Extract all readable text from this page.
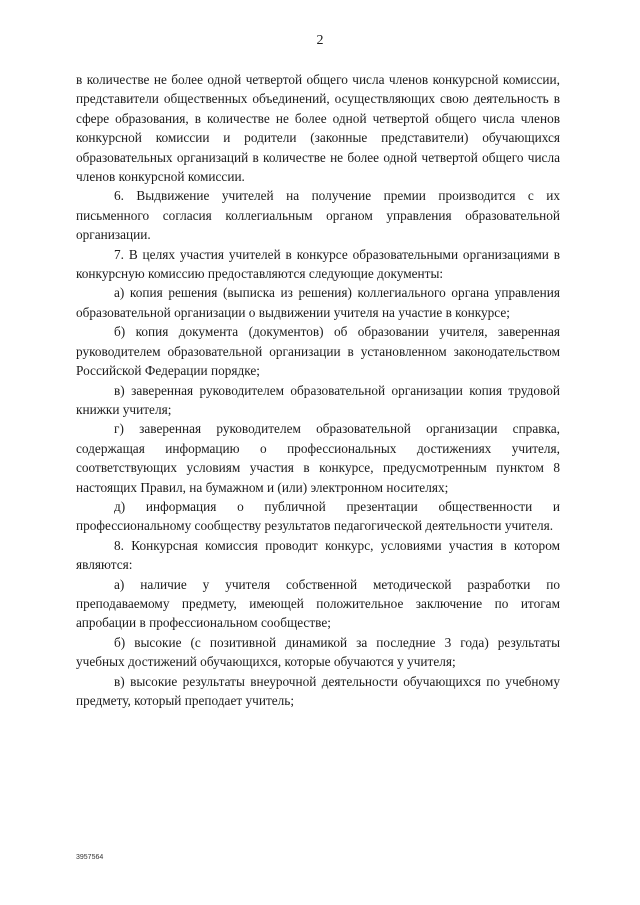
2

в количестве не более одной четвертой общего числа членов конкурсной комиссии, представители общественных объединений, осуществляющих свою деятельность в сфере образования, в количестве не более одной четвертой общего числа членов конкурсной комиссии и родители (законные представители) обучающихся образовательных организаций в количестве не более одной четвертой общего числа членов конкурсной комиссии.

6. Выдвижение учителей на получение премии производится с их письменного согласия коллегиальным органом управления образовательной организации.

7. В целях участия учителей в конкурсе образовательными организациями в конкурсную комиссию предоставляются следующие документы:

а) копия решения (выписка из решения) коллегиального органа управления образовательной организации о выдвижении учителя на участие в конкурсе;

б) копия документа (документов) об образовании учителя, заверенная руководителем образовательной организации в установленном законодательством Российской Федерации порядке;

в) заверенная руководителем образовательной организации копия трудовой книжки учителя;

г) заверенная руководителем образовательной организации справка, содержащая информацию о профессиональных достижениях учителя, соответствующих условиям участия в конкурсе, предусмотренным пунктом 8 настоящих Правил, на бумажном и (или) электронном носителях;

д) информация о публичной презентации общественности и профессиональному сообществу результатов педагогической деятельности учителя.

8. Конкурсная комиссия проводит конкурс, условиями участия в котором являются:

а) наличие у учителя собственной методической разработки по преподаваемому предмету, имеющей положительное заключение по итогам апробации в профессиональном сообществе;

б) высокие (с позитивной динамикой за последние 3 года) результаты учебных достижений обучающихся, которые обучаются у учителя;

в) высокие результаты внеурочной деятельности обучающихся по учебному предмету, который преподает учитель;

3957564
